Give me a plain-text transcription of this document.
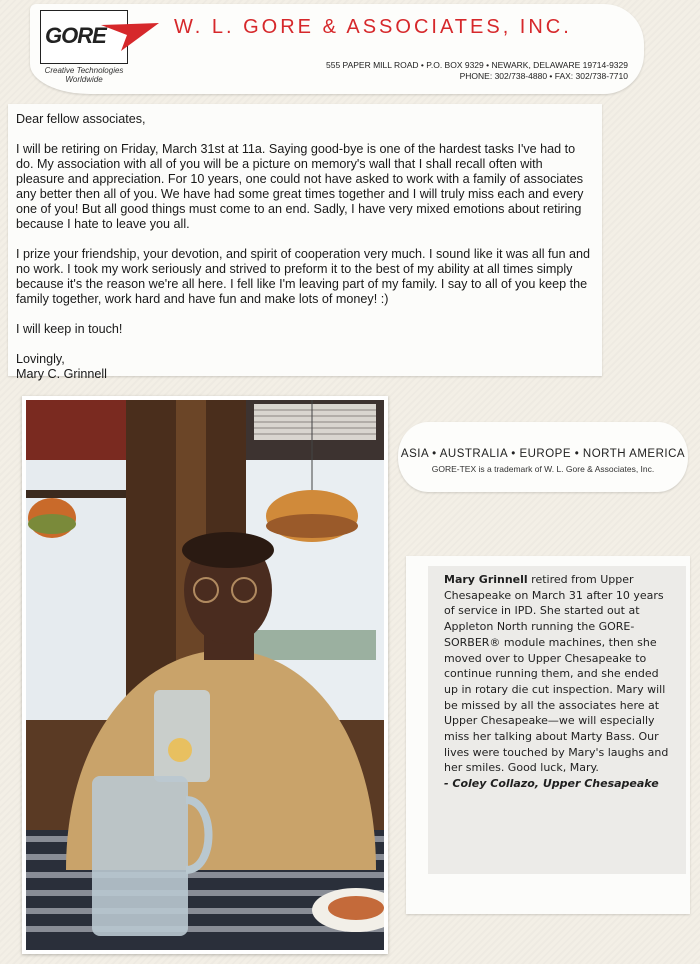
GORE
Creative Technologies
Worldwide
W. L. GORE & ASSOCIATES, INC.
555 PAPER MILL ROAD • P.O. BOX 9329 • NEWARK, DELAWARE 19714-9329
PHONE: 302/738-4880 • FAX: 302/738-7710

Dear fellow associates,

I will be retiring on Friday, March 31st at 11a. Saying good-bye is one of the hardest tasks I've had to do. My association with all of you will be a picture on memory's wall that I shall recall often with pleasure and appreciation. For 10 years, one could not have asked to work with a family of associates any better then all of you. We have had some great times together and I will truly miss each and every one of you! But all good things must come to an end. Sadly, I have very mixed emotions about retiring because I hate to leave you all.

I prize your friendship, your devotion, and spirit of cooperation very much. I sound like it was all fun and no work. I took my work seriously and strived to preform it to the best of my ability at all times simply because it's the reason we're all here. I fell like I'm leaving part of my family. I say to all of you keep the family together, work hard and have fun and make lots of money! :)

I will keep in touch!

Lovingly,

Mary C. Grinnell

ASIA • AUSTRALIA • EUROPE • NORTH AMERICA
GORE-TEX is a trademark of W. L. Gore & Associates, Inc.
Mary Grinnell retired from Upper Chesapeake on March 31 after 10 years of service in IPD. She started out at Appleton North running the GORE-SORBER® module machines, then she moved over to Upper Chesapeake to continue running them, and she ended up in rotary die cut inspection. Mary will be missed by all the associates here at Upper Chesapeake—we will especially miss her talking about Marty Bass. Our lives were touched by Mary's laughs and her smiles. Good luck, Mary.
- Coley Collazo, Upper Chesapeake
